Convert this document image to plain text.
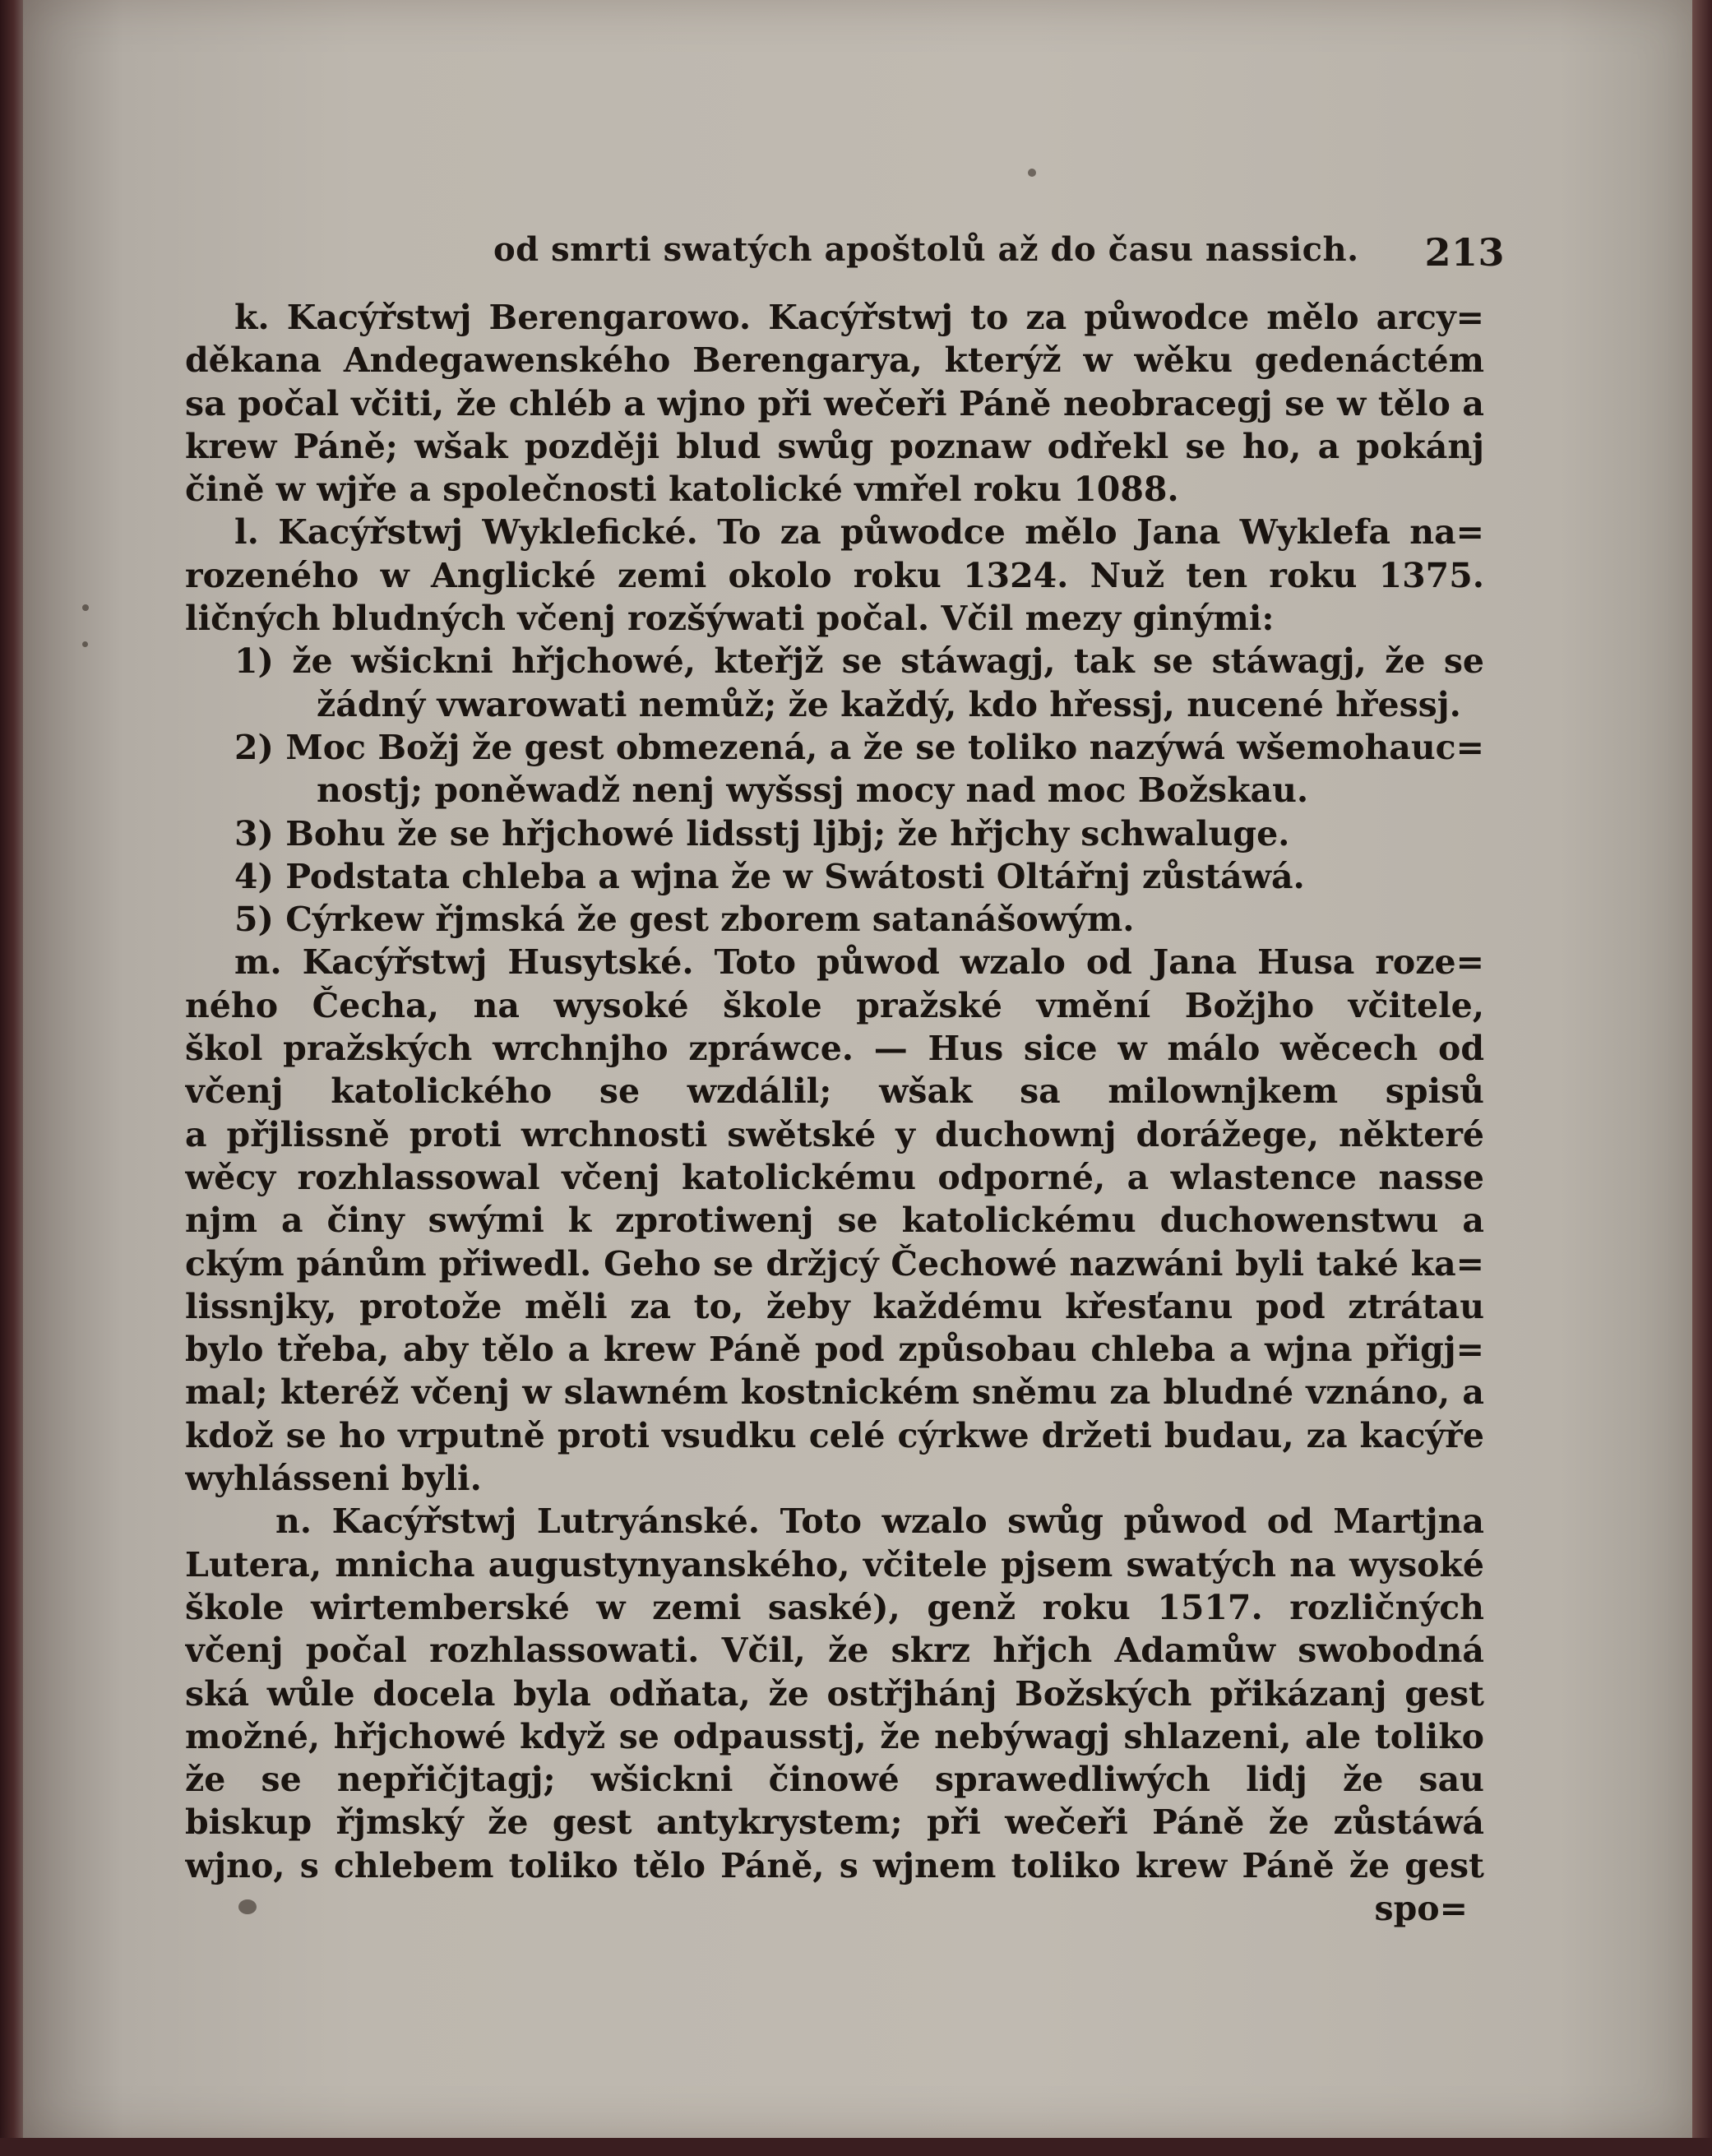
od smrti swatých apoštolů až do času nassich. 213
k. Kacýřstwj Berengarowo. Kacýřstwj to za půwodce mělo arcy=
děkana Andegawenského Berengarya, kterýž w wěku gedenáctém
sa počal včiti, že chléb a wjno při wečeři Páně neobracegj se w tělo a
krew Páně; wšak později blud swůg poznaw odřekl se ho, a pokánj
čině w wjře a společnosti katolické vmřel roku 1088.
l. Kacýřstwj Wyklefické. To za půwodce mělo Jana Wyklefa na=
rozeného w Anglické zemi okolo roku 1324. Nuž ten roku 1375.
ličných bludných včenj rozšýwati počal. Včil mezy ginými:
1) že wšickni hřjchowé, kteřjž se stáwagj, tak se stáwagj, že se
žádný vwarowati nemůž; že každý, kdo hřessj, nucené hřessj.
2) Moc Božj že gest obmezená, a že se toliko nazýwá wšemohauc=
nostj; poněwadž nenj wyšssj mocy nad moc Božskau.
3) Bohu že se hřjchowé lidsstj ljbj; že hřjchy schwaluge.
4) Podstata chleba a wjna že w Swátosti Oltářnj zůstáwá.
5) Cýrkew řjmská že gest zborem satanášowým.
m. Kacýřstwj Husytské. Toto půwod wzalo od Jana Husa roze=
ného Čecha, na wysoké škole pražské vmění Božjho včitele,
škol pražských wrchnjho zpráwce. — Hus sice w málo wěcech od
včenj katolického se wzdálil; wšak sa milownjkem spisů
a přjlissně proti wrchnosti swětské y duchownj dorážege, některé
wěcy rozhlassowal včenj katolickému odporné, a wlastence nasse
njm a činy swými k zprotiwenj se katolickému duchowenstwu a
ckým pánům přiwedl. Geho se držjcý Čechowé nazwáni byli také ka=
lissnjky, protože měli za to, žeby každému křesťanu pod ztrátau
bylo třeba, aby tělo a krew Páně pod způsobau chleba a wjna přigj=
mal; kteréž včenj w slawném kostnickém sněmu za bludné vznáno, a
kdož se ho vrputně proti vsudku celé cýrkwe držeti budau, za kacýře
wyhlásseni byli.
n. Kacýřstwj Lutryánské. Toto wzalo swůg půwod od Martjna
Lutera, mnicha augustynyanského, včitele pjsem swatých na wysoké
škole wirtemberské w zemi saské), genž roku 1517. rozličných
včenj počal rozhlassowati. Včil, že skrz hřjch Adamůw swobodná
ská wůle docela byla odňata, že ostřjhánj Božských přikázanj gest
možné, hřjchowé když se odpausstj, že nebýwagj shlazeni, ale toliko
že se nepřičjtagj; wšickni činowé sprawedliwých lidj že sau
biskup řjmský že gest antykrystem; při wečeři Páně že zůstáwá
wjno, s chlebem toliko tělo Páně, s wjnem toliko krew Páně že gest
spo=
